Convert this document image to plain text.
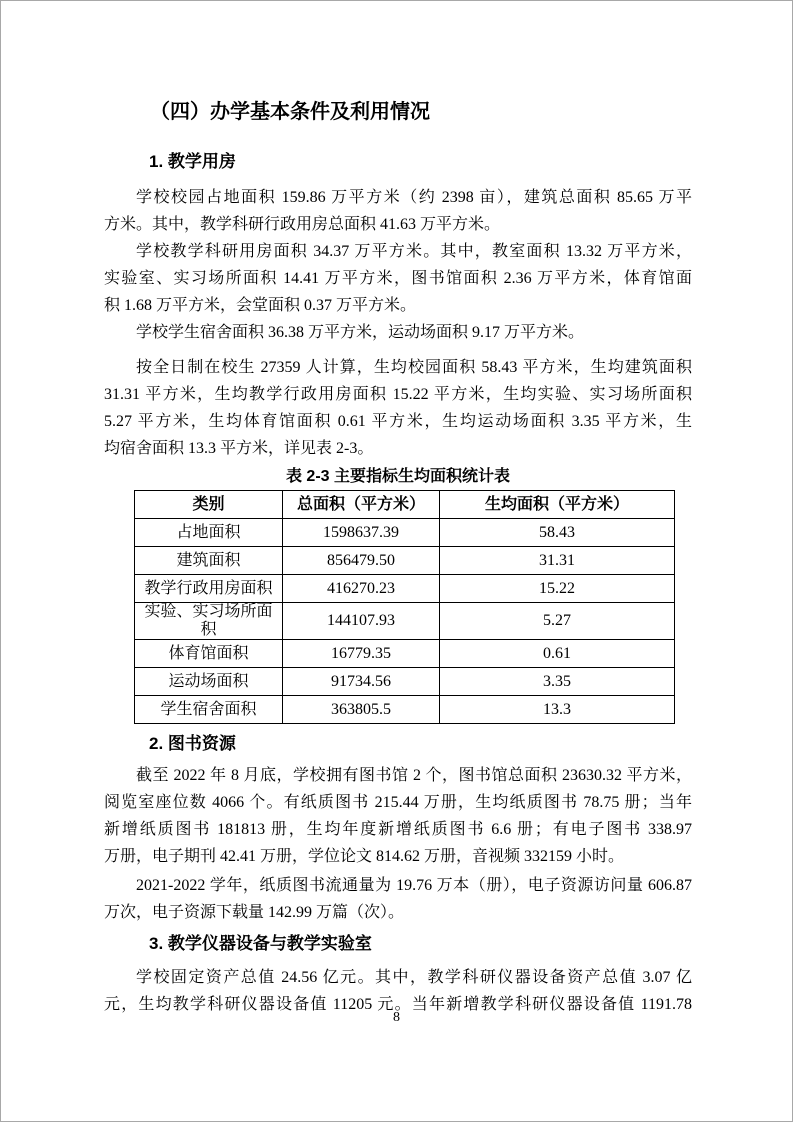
（四）办学基本条件及利用情况
1. 教学用房
学校校园占地面积 159.86 万平方米（约 2398 亩），建筑总面积 85.65 万平
方米。其中，教学科研行政用房总面积 41.63 万平方米。
学校教学科研用房面积 34.37 万平方米。其中，教室面积 13.32 万平方米，
实验室、实习场所面积 14.41 万平方米，图书馆面积 2.36 万平方米，体育馆面
积 1.68 万平方米，会堂面积 0.37 万平方米。
学校学生宿舍面积 36.38 万平方米，运动场面积 9.17 万平方米。
按全日制在校生 27359 人计算，生均校园面积 58.43 平方米，生均建筑面积
31.31 平方米，生均教学行政用房面积 15.22 平方米，生均实验、实习场所面积
5.27 平方米，生均体育馆面积 0.61 平方米，生均运动场面积 3.35 平方米，生
均宿舍面积 13.3 平方米，详见表 2-3。
表 2-3 主要指标生均面积统计表
类别	总面积（平方米）	生均面积（平方米）
占地面积	1598637.39	58.43
建筑面积	856479.50	31.31
教学行政用房面积	416270.23	15.22
实验、实习场所面积	144107.93	5.27
体育馆面积	16779.35	0.61
运动场面积	91734.56	3.35
学生宿舍面积	363805.5	13.3
2. 图书资源
截至 2022 年 8 月底，学校拥有图书馆 2 个，图书馆总面积 23630.32 平方米，
阅览室座位数 4066 个。有纸质图书 215.44 万册，生均纸质图书 78.75 册；当年
新增纸质图书 181813 册，生均年度新增纸质图书 6.6 册；有电子图书 338.97
万册，电子期刊 42.41 万册，学位论文 814.62 万册，音视频 332159 小时。
2021-2022 学年，纸质图书流通量为 19.76 万本（册），电子资源访问量 606.87
万次，电子资源下载量 142.99 万篇（次）。
3. 教学仪器设备与教学实验室
学校固定资产总值 24.56 亿元。其中，教学科研仪器设备资产总值 3.07 亿
元，生均教学科研仪器设备值 11205 元。当年新增教学科研仪器设备值 1191.78
8
